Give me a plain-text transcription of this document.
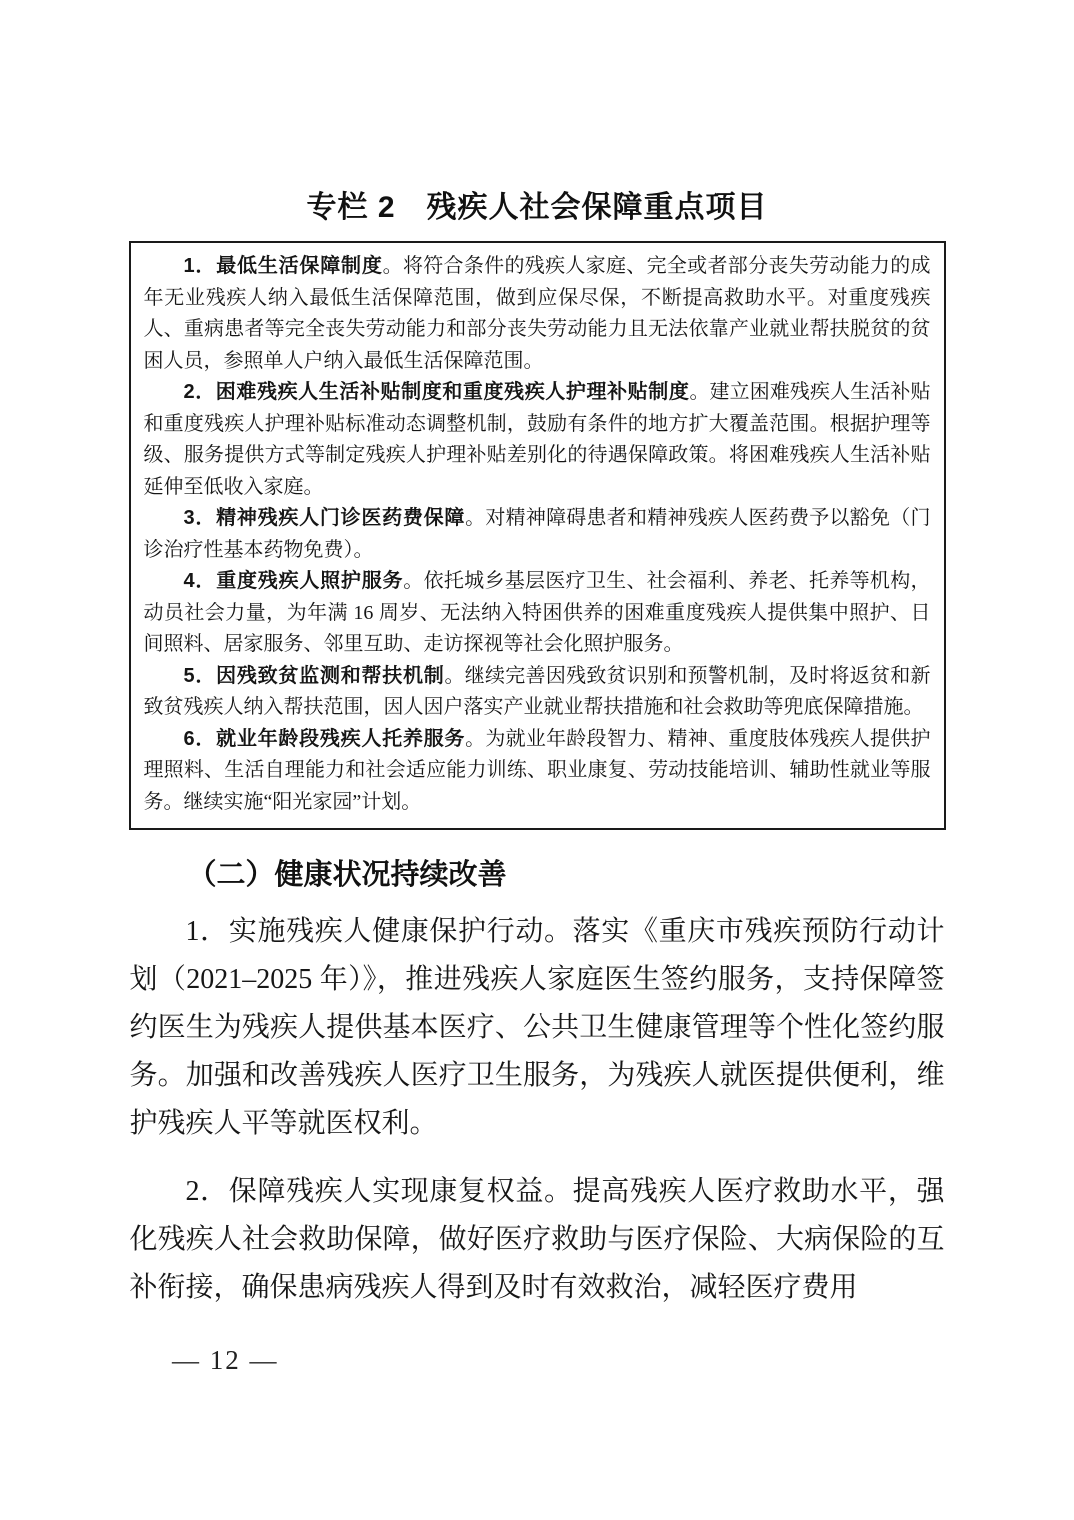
专栏 2　残疾人社会保障重点项目

1．最低生活保障制度。将符合条件的残疾人家庭、完全或者部分丧失劳动能力的成年无业残疾人纳入最低生活保障范围，做到应保尽保，不断提高救助水平。对重度残疾人、重病患者等完全丧失劳动能力和部分丧失劳动能力且无法依靠产业就业帮扶脱贫的贫困人员，参照单人户纳入最低生活保障范围。

2．困难残疾人生活补贴制度和重度残疾人护理补贴制度。建立困难残疾人生活补贴和重度残疾人护理补贴标准动态调整机制，鼓励有条件的地方扩大覆盖范围。根据护理等级、服务提供方式等制定残疾人护理补贴差别化的待遇保障政策。将困难残疾人生活补贴延伸至低收入家庭。

3．精神残疾人门诊医药费保障。对精神障碍患者和精神残疾人医药费予以豁免（门诊治疗性基本药物免费）。

4．重度残疾人照护服务。依托城乡基层医疗卫生、社会福利、养老、托养等机构，动员社会力量，为年满 16 周岁、无法纳入特困供养的困难重度残疾人提供集中照护、日间照料、居家服务、邻里互助、走访探视等社会化照护服务。

5．因残致贫监测和帮扶机制。继续完善因残致贫识别和预警机制，及时将返贫和新致贫残疾人纳入帮扶范围，因人因户落实产业就业帮扶措施和社会救助等兜底保障措施。

6．就业年龄段残疾人托养服务。为就业年龄段智力、精神、重度肢体残疾人提供护理照料、生活自理能力和社会适应能力训练、职业康复、劳动技能培训、辅助性就业等服务。继续实施“阳光家园”计划。

（二）健康状况持续改善

1．实施残疾人健康保护行动。落实《重庆市残疾预防行动计划（2021–2025 年）》，推进残疾人家庭医生签约服务，支持保障签约医生为残疾人提供基本医疗、公共卫生健康管理等个性化签约服务。加强和改善残疾人医疗卫生服务，为残疾人就医提供便利，维护残疾人平等就医权利。

2．保障残疾人实现康复权益。提高残疾人医疗救助水平，强化残疾人社会救助保障，做好医疗救助与医疗保险、大病保险的互补衔接，确保患病残疾人得到及时有效救治，减轻医疗费用

— 12 —
